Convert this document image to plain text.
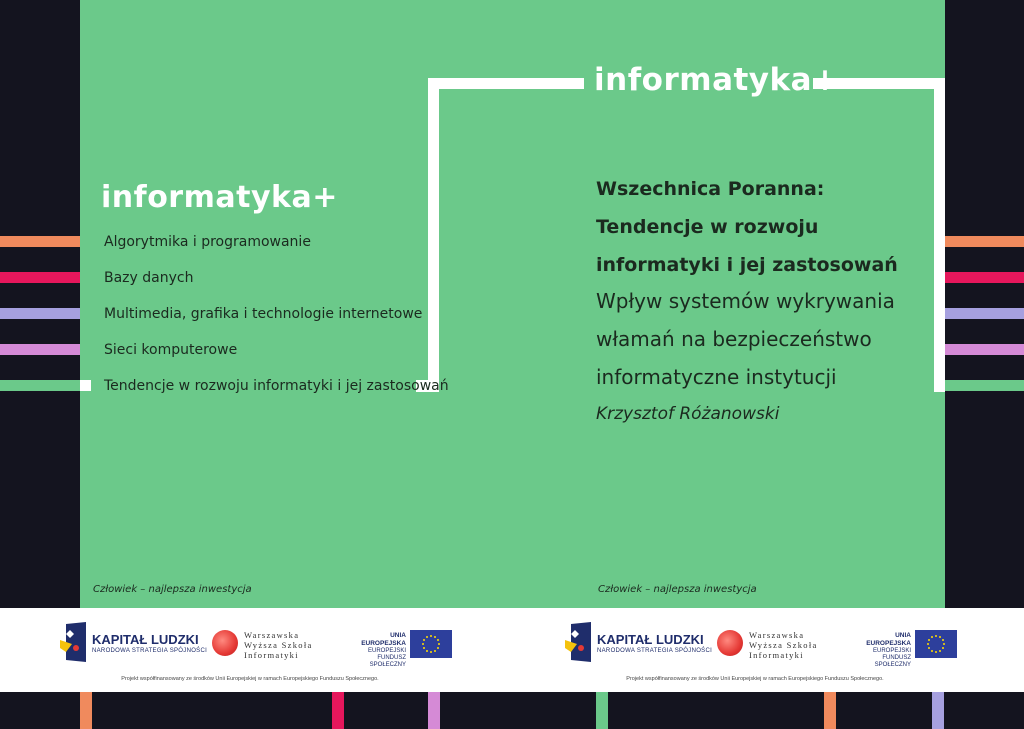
informatyka+
informatyka+
Algorytmika i programowanie
Bazy danych
Multimedia, grafika i technologie internetowe
Sieci komputerowe
Tendencje w rozwoju informatyki i jej zastosowań
Wszechnica Poranna:
Tendencje w rozwoju
informatyki i jej zastosowań
Wpływ systemów wykrywania
włamań na bezpieczeństwo
informatyczne instytucji
Krzysztof Różanowski
Człowiek – najlepsza inwestycja	Człowiek – najlepsza inwestycja
KAPITAŁ LUDZKI
NARODOWA STRATEGIA SPÓJNOŚCI
Warszawska
Wyższa Szkoła
Informatyki
UNIA EUROPEJSKA
EUROPEJSKI
FUNDUSZ SPOŁECZNY
Projekt współfinansowany ze środków Unii Europejskiej w ramach Europejskiego Funduszu Społecznego.
KAPITAŁ LUDZKI
NARODOWA STRATEGIA SPÓJNOŚCI
Warszawska
Wyższa Szkoła
Informatyki
UNIA EUROPEJSKA
EUROPEJSKI
FUNDUSZ SPOŁECZNY
Projekt współfinansowany ze środków Unii Europejskiej w ramach Europejskiego Funduszu Społecznego.
